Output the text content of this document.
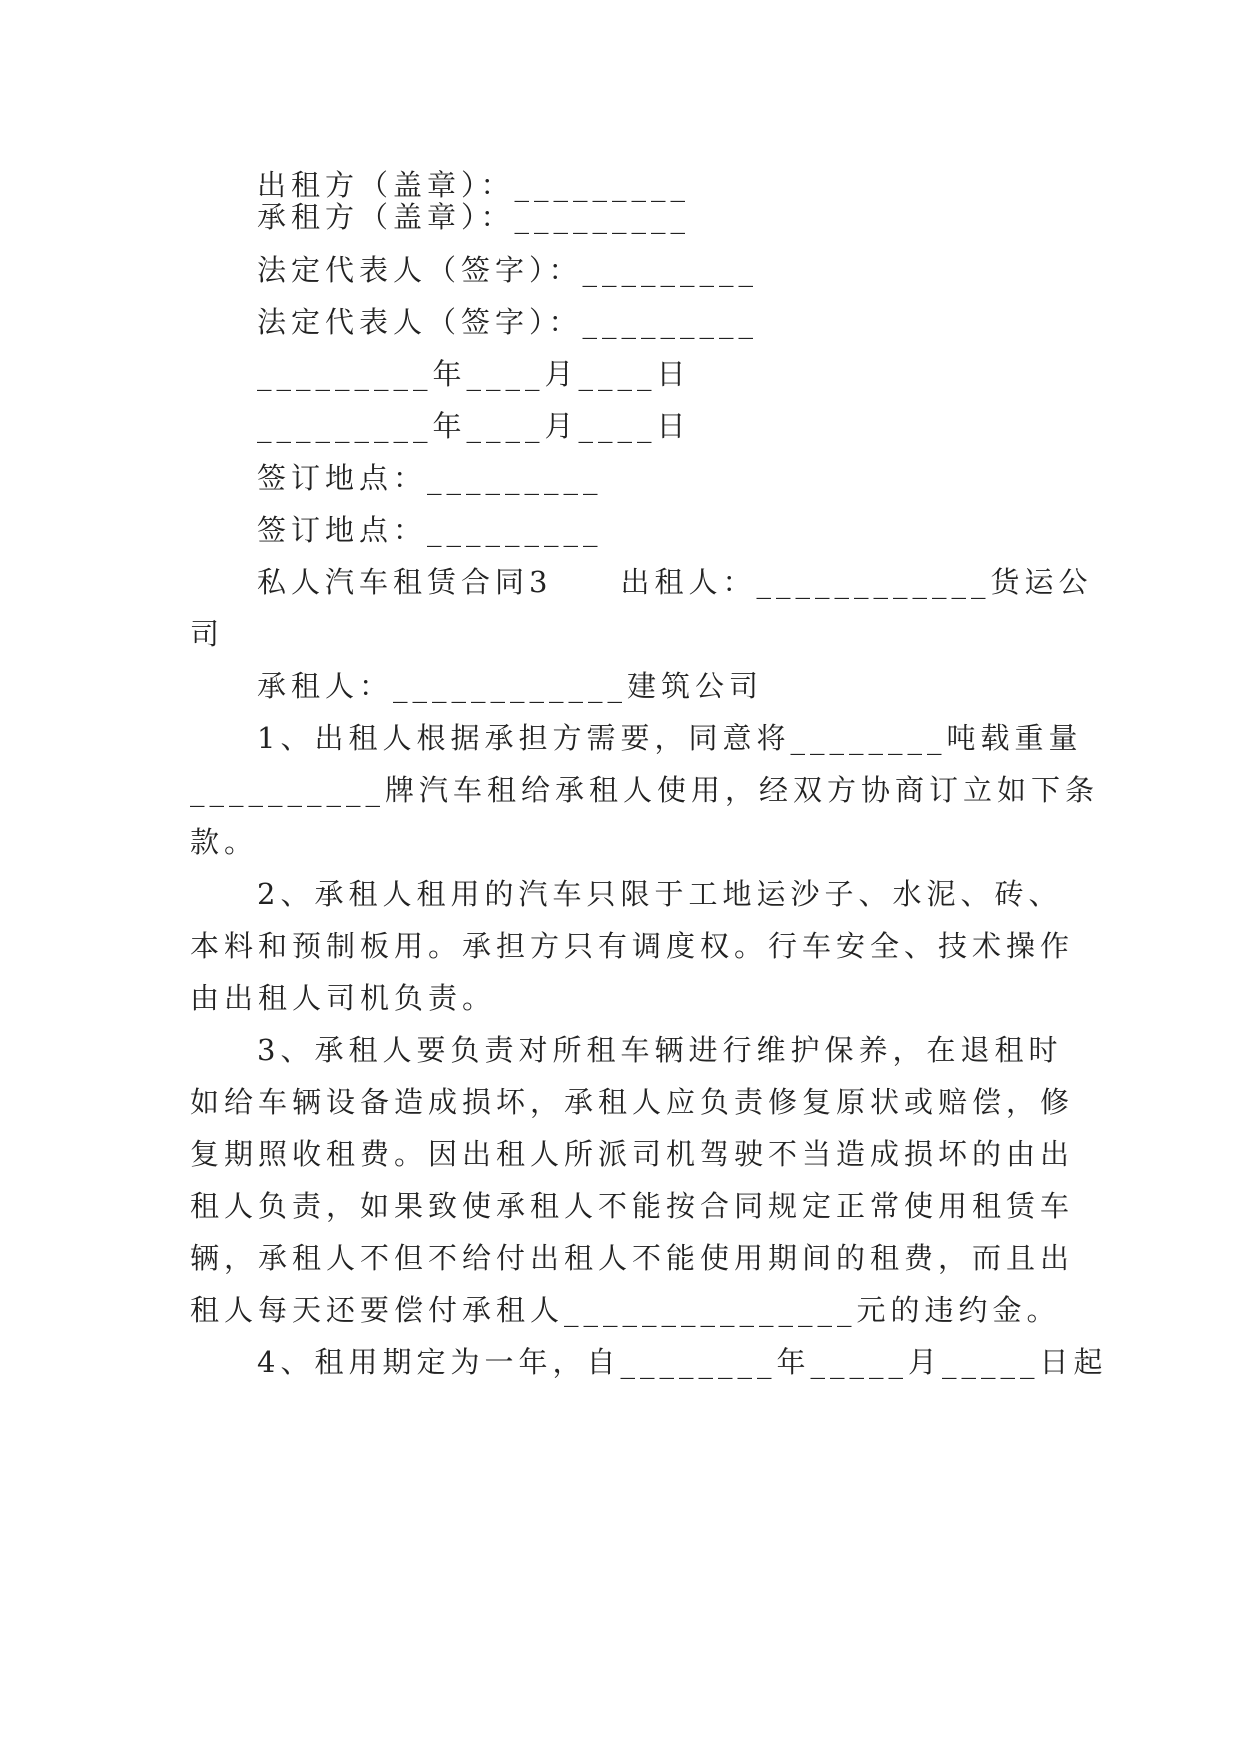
出租方（盖章）：_________
承租方（盖章）：_________
法定代表人（签字）：_________
法定代表人（签字）：_________
_________年____月____日
_________年____月____日
签订地点：_________
签订地点：_________
私人汽车租赁合同3　　出租人：____________货运公
司
承租人：____________建筑公司
1、出租人根据承担方需要，同意将________吨载重量
__________牌汽车租给承租人使用，经双方协商订立如下条
款。
2、承租人租用的汽车只限于工地运沙子、水泥、砖、
本料和预制板用。承担方只有调度权。行车安全、技术操作
由出租人司机负责。
3、承租人要负责对所租车辆进行维护保养，在退租时
如给车辆设备造成损坏，承租人应负责修复原状或赔偿，修
复期照收租费。因出租人所派司机驾驶不当造成损坏的由出
租人负责，如果致使承租人不能按合同规定正常使用租赁车
辆，承租人不但不给付出租人不能使用期间的租费，而且出
租人每天还要偿付承租人_______________元的违约金。
4、租用期定为一年，自________年_____月_____日起
